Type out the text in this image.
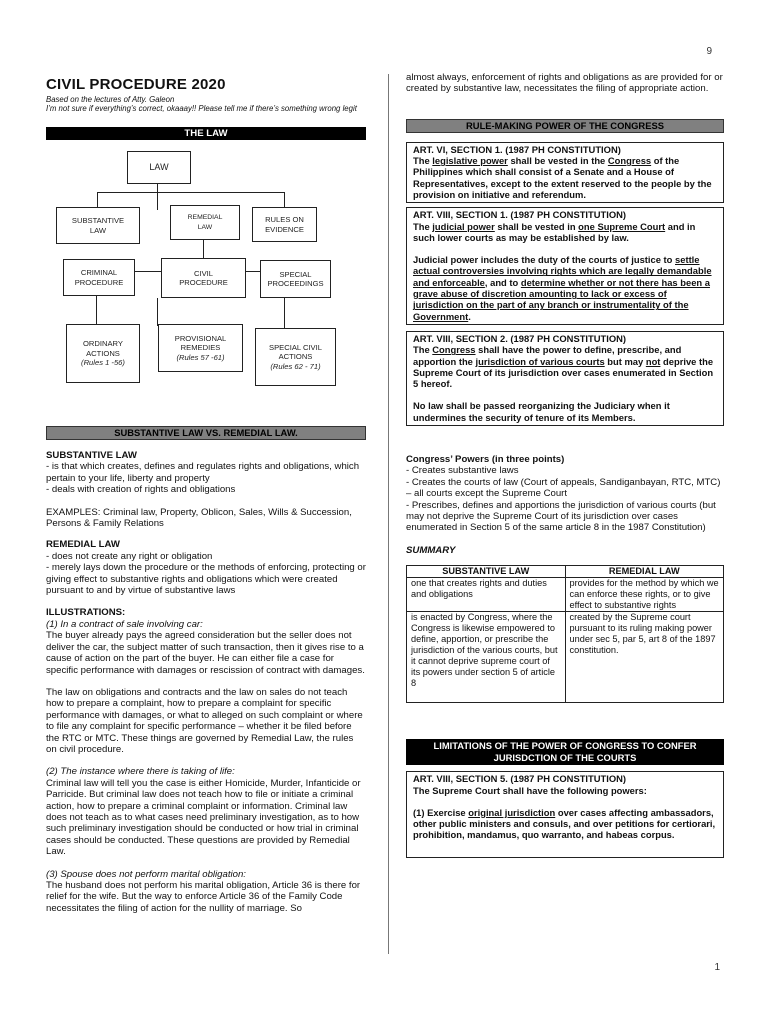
9
CIVIL PROCEDURE 2020
Based on the lectures of Atty. Galeon
I’m not sure if everything’s correct, okaaay!! Please tell me if there’s something wrong legit
THE LAW
LAW
SUBSTANTIVE
LAW
REMEDIAL
LAW
RULES ON
EVIDENCE
CRIMINAL
PROCEDURE
CIVIL
PROCEDURE
SPECIAL
PROCEEDINGS
ORDINARY
ACTIONS
(Rules 1 -56)
PROVISIONAL
REMEDIES
(Rules 57 -61)
SPECIAL CIVIL
ACTIONS
(Rules 62 - 71)
SUBSTANTIVE LAW VS. REMEDIAL LAW.

SUBSTANTIVE LAW

- is that which creates, defines and regulates rights and obligations, which pertain to your life, liberty and property

- deals with creation of rights and obligations

EXAMPLES: Criminal law, Property, Oblicon, Sales, Wills & Succession, Persons & Family Relations

REMEDIAL LAW

- does not create any right or obligation

- merely lays down the procedure or the methods of enforcing, protecting or giving effect to substantive rights and obligations which were created pursuant to and by virtue of substantive laws

ILLUSTRATIONS:

(1) In a contract of sale involving car:

The buyer already pays the agreed consideration but the seller does not deliver the car, the subject matter of such transaction, then it gives rise to a cause of action on the part of the buyer. He can either file a case for specific performance with damages or rescission of contract with damages.

The law on obligations and contracts and the law on sales do not teach how to prepare a complaint, how to prepare a complaint for specific performance with damages, or what to alleged on such complaint or where to file any complaint for specific performance – whether it be filed before the RTC or MTC. These things are governed by Remedial Law, the rules on civil procedure.

(2) The instance where there is taking of life:

Criminal law will tell you the case is either Homicide, Murder, Infanticide or Parricide. But criminal law does not teach how to file or initiate a criminal action, how to prepare a criminal complaint or information. Criminal law does not teach as to what cases need preliminary investigation, as to how such preliminary investigation should be conducted or how trial in criminal cases should be conducted. These questions are provided by Remedial Law.

(3) Spouse does not perform marital obligation:

The husband does not perform his marital obligation, Article 36 is there for relief for the wife. But the way to enforce Article 36 of the Family Code necessitates the filing of action for the nullity of marriage. So

almost always, enforcement of rights and obligations as are provided for or created by substantive law, necessitates the filing of appropriate action.

RULE-MAKING POWER OF THE CONGRESS
ART. VI, SECTION 1. (1987 PH CONSTITUTION)
The legislative power shall be vested in the Congress of the Philippines which shall consist of a Senate and a House of Representatives, except to the extent reserved to the people by the provision on initiative and referendum.
ART. VIII, SECTION 1. (1987 PH CONSTITUTION)
The judicial power shall be vested in one Supreme Court and in such lower courts as may be established by law.
Judicial power includes the duty of the courts of justice to settle actual controversies involving rights which are legally demandable and enforceable, and to determine whether or not there has been a grave abuse of discretion amounting to lack or excess of jurisdiction on the part of any branch or instrumentality of the Government.
ART. VIII, SECTION 2. (1987 PH CONSTITUTION)
The Congress shall have the power to define, prescribe, and apportion the jurisdiction of various courts but may not deprive the Supreme Court of its jurisdiction over cases enumerated in Section 5 hereof.
No law shall be passed reorganizing the Judiciary when it undermines the security of tenure of its Members.

Congress’ Powers (in three points)

- Creates substantive laws

- Creates the courts of law (Court of appeals, Sandiganbayan, RTC, MTC) – all courts except the Supreme Court

- Prescribes, defines and apportions the jurisdiction of various courts (but may not deprive the Supreme Court of its jurisdiction over cases enumerated in Section 5 of the same article 8 in the 1987 Constitution)

SUMMARY

SUBSTANTIVE LAW	REMEDIAL LAW
one that creates rights and duties and obligations	provides for the method by which we can enforce these rights, or to give effect to substantive rights
is enacted by Congress, where the Congress is likewise empowered to define, apportion, or prescribe the jurisdiction of the various courts, but it cannot deprive supreme court of its powers under section 5 of article 8	created by the Supreme court pursuant to its ruling making power under sec 5, par 5, art 8 of the 1897 constitution.
LIMITATIONS OF THE POWER OF CONGRESS TO CONFER
JURISDCTION OF THE COURTS
ART. VIII, SECTION 5. (1987 PH CONSTITUTION)
The Supreme Court shall have the following powers:
(1) Exercise original jurisdiction over cases affecting ambassadors, other public ministers and consuls, and over petitions for certiorari, prohibition, mandamus, quo warranto, and habeas corpus.
1
